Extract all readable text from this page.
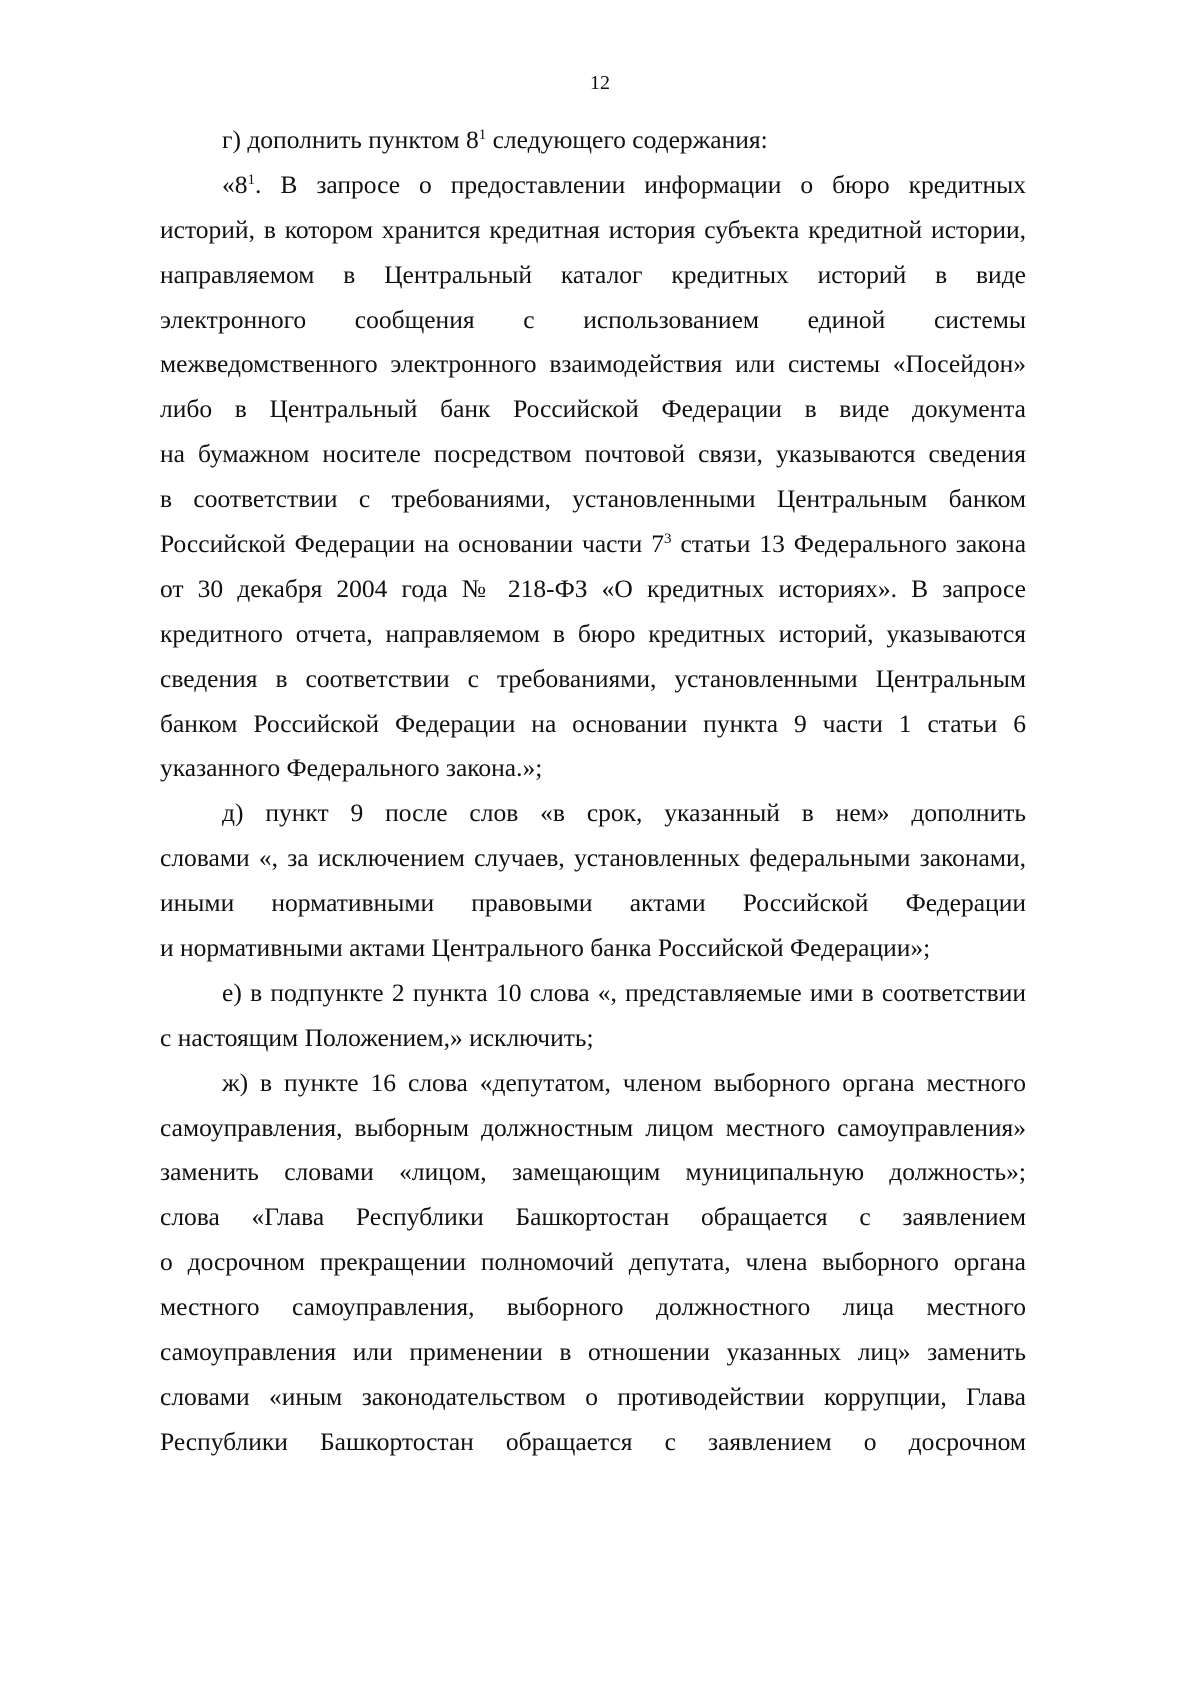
12
г) дополнить пунктом $8^1$ следующего содержания:
«$8^1$. В запросе о предоставлении информации о бюро кредитных
историй, в котором хранится кредитная история субъекта кредитной истории,
направляемом в Центральный каталог кредитных историй в виде
электронного сообщения с использованием единой системы
межведомственного электронного взаимодействия или системы «Посейдон»
либо в Центральный банк Российской Федерации в виде документа
на бумажном носителе посредством почтовой связи, указываются сведения
в соответствии с требованиями, установленными Центральным банком
Российской Федерации на основании части $7^3$ статьи 13 Федерального закона
от 30 декабря 2004 года № 218-ФЗ «О кредитных историях». В запросе
кредитного отчета, направляемом в бюро кредитных историй, указываются
сведения в соответствии с требованиями, установленными Центральным
банком Российской Федерации на основании пункта 9 части 1 статьи 6
указанного Федерального закона.»;
д) пункт 9 после слов «в срок, указанный в нем» дополнить
словами «, за исключением случаев, установленных федеральными законами,
иными нормативными правовыми актами Российской Федерации
и нормативными актами Центрального банка Российской Федерации»;
е) в подпункте 2 пункта 10 слова «, представляемые ими в соответствии
с настоящим Положением,» исключить;
ж) в пункте 16 слова «депутатом, членом выборного органа местного
самоуправления, выборным должностным лицом местного самоуправления»
заменить словами «лицом, замещающим муниципальную должность»;
слова «Глава Республики Башкортостан обращается с заявлением
о досрочном прекращении полномочий депутата, члена выборного органа
местного самоуправления, выборного должностного лица местного
самоуправления или применении в отношении указанных лиц» заменить
словами «иным законодательством о противодействии коррупции, Глава
Республики Башкортостан обращается с заявлением о досрочном
